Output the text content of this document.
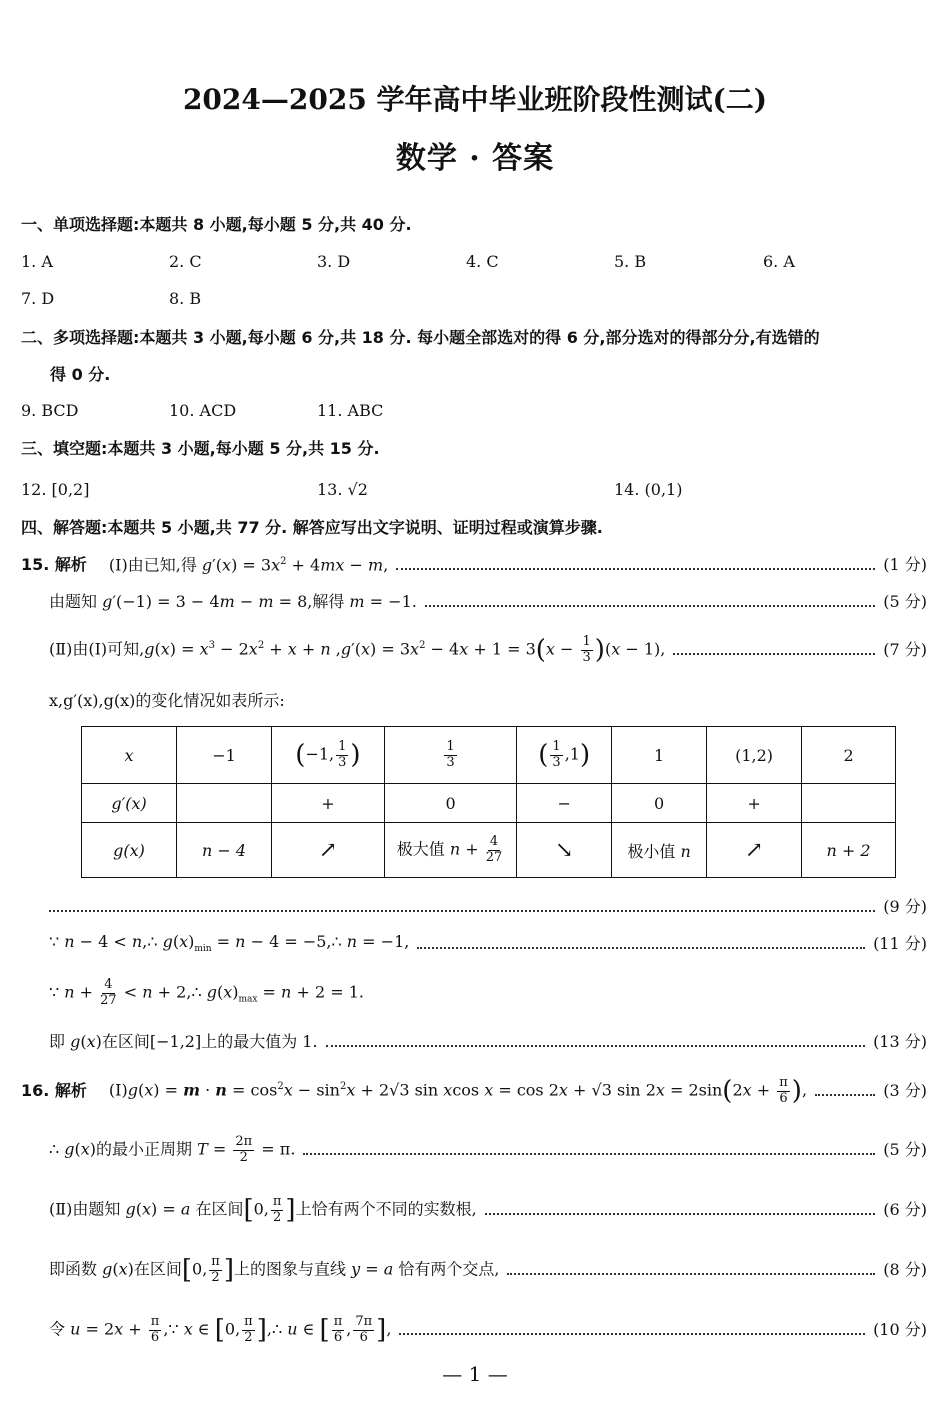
2024—2025 学年高中毕业班阶段性测试(二)
数学 · 答案
一、单项选择题:本题共 8 小题,每小题 5 分,共 40 分.
1. A	2. C	3. D	4. C	5. B	6. A
7. D	8. B
二、多项选择题:本题共 3 小题,每小题 6 分,共 18 分. 每小题全部选对的得 6 分,部分选对的得部分分,有选错的
得 0 分.
9. BCD	10. ACD	11. ABC
三、填空题:本题共 3 小题,每小题 5 分,共 15 分.
12. [0,2]	13. √2	14. (0,1)
四、解答题:本题共 5 小题,共 77 分. 解答应写出文字说明、证明过程或演算步骤.
15. 解析 (Ⅰ)由已知,得 $g'(x) = 3x^2 + 4mx - m$,	(1 分)
由题知 g′(−1) = 3 − 4m − m = 8,解得 m = −1.	(5 分)
(Ⅱ)由(Ⅰ)可知$,g(x) = x^3 - 2x^2 + x + n$ $,g'(x) = 3x^2 - 4x + 1 = 3(x - \frac{1}{3} )(x - 1)$,	(7 分)
x,g′(x),g(x)的变化情况如表所示:
x	−1	(−1, $\frac{1}{3}$ )	$\frac{1}{3}$	( $\frac{1}{3} ,1$)	1	(1,2)	2
g′(x)		+	0	−	0	+	
g(x)	n − 4	↗	极大值 $n + \frac{4}{27}$	↘	极小值 n	↗	n + 2
(9 分)
∵ n − 4 < n,∴ $g(x)_{min} = n - 4$ = −5,∴ n = −1,	(11 分)
∵ $n + \frac{4}{27} < n$ + 2,∴ $g(x)_{max} = n + 2 = 1$.
即 g(x)在区间[−1,2]上的最大值为 1.	(13 分)
16. 解析 (Ⅰ)g(x) = $m \cdot n = \cos^2x - \sin^2x + 2√3$ sin xcos x = cos 2x + √3 $\sin 2x = 2\sin(2x + \frac{\pi}{6}$ ),	(3 分)
∴ g(x)的最小正周期 $T = \frac{2\pi}{2} = \pi$.	(5 分)
(Ⅱ)由题知 g(x) = a 在区间[0, $\frac{\pi}{2}$ ]上恰有两个不同的实数根,	(6 分)
即函数 g(x)在区间[0, $\frac{\pi}{2}$ ]上的图象与直线 y = a 恰有两个交点,	(8 分)
令 $u = 2x + \frac{\pi}{6}$ ,∵ x ∈ [0, $\frac{\pi}{2}$ ],∴ u ∈ [ $\frac{\pi}{6}$ , $\frac{7\pi}{6}$ ],	(10 分)
— 1 —
